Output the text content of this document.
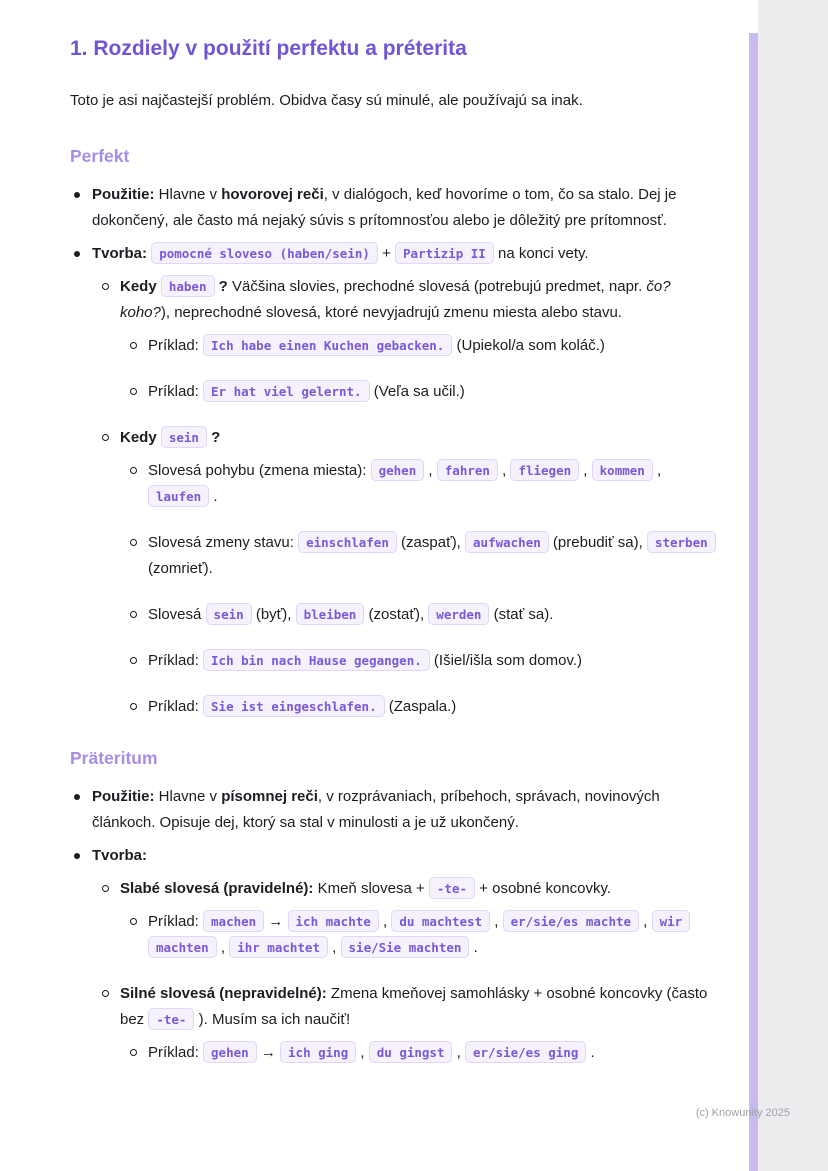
(c) Knowunity 2025
1. Rozdiely v použití perfektu a préterita

Toto je asi najčastejší problém. Obidva časy sú minulé, ale používajú sa inak.

Perfekt
Použitie: Hlavne v hovorovej reči, v dialógoch, keď hovoríme o tom, čo sa stalo. Dej je dokončený, ale často má nejaký súvis s prítomnosťou alebo je dôležitý pre prítomnosť.
Tvorba: pomocné sloveso (haben/sein) + Partizip II na konci vety.
Kedy haben ? Väčšina slovies, prechodné slovesá (potrebujú predmet, napr. čo? koho?), neprechodné slovesá, ktoré nevyjadrujú zmenu miesta alebo stavu.
Príklad: Ich habe einen Kuchen gebacken. (Upiekol/a som koláč.)
Príklad: Er hat viel gelernt. (Veľa sa učil.)
Kedy sein ?
Slovesá pohybu (zmena miesta): gehen , fahren , fliegen , kommen , laufen .
Slovesá zmeny stavu: einschlafen (zaspať), aufwachen (prebudiť sa), sterben (zomrieť).
Slovesá sein (byť), bleiben (zostať), werden (stať sa).
Príklad: Ich bin nach Hause gegangen. (Išiel/išla som domov.)
Príklad: Sie ist eingeschlafen. (Zaspala.)
Präteritum
Použitie: Hlavne v písomnej reči, v rozprávaniach, príbehoch, správach, novinových článkoch. Opisuje dej, ktorý sa stal v minulosti a je už ukončený.
Tvorba:
Slabé slovesá (pravidelné): Kmeň slovesa + -te- + osobné koncovky.
Príklad: machen → ich machte , du machtest , er/sie/es machte , wir machten , ihr machtet , sie/Sie machten .
Silné slovesá (nepravidelné): Zmena kmeňovej samohlásky + osobné koncovky (často bez -te- ). Musím sa ich naučiť!
Príklad: gehen → ich ging , du gingst , er/sie/es ging .
